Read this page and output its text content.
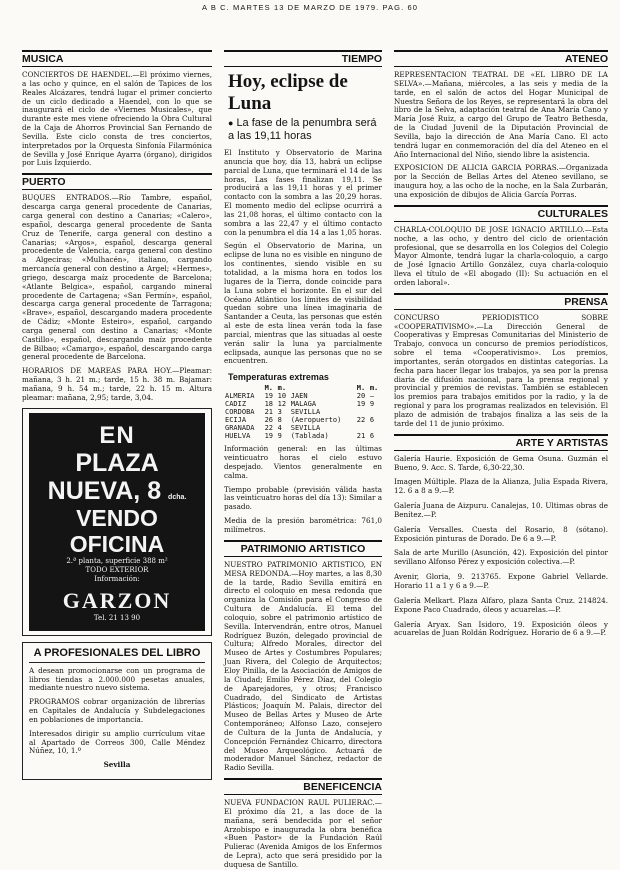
A B C. MARTES 13 DE MARZO DE 1979. PAG. 60
MUSICA

CONCIERTOS DE HAENDEL.—El próximo viernes, a las ocho y quince, en el salón de Tapices de los Reales Alcázares, tendrá lugar el primer concierto de un ciclo dedicado a Haendel, con lo que se inaugurará el ciclo de «Viernes Musicales», que durante este mes viene ofreciendo la Obra Cultural de la Caja de Ahorros Provincial San Fernando de Sevilla. Este ciclo consta de tres conciertos, interpretados por la Orquesta Sinfonía Filarmónica de Sevilla y José Enrique Ayarra (órgano), dirigidos por Luis Izquierdo.

PUERTO

BUQUES ENTRADOS.—Río Tambre, español, descarga carga general procedente de Canarias, carga general con destino a Canarias; «Calero», español, descarga general procedente de Santa Cruz de Tenerife, carga general con destino a Canarias; «Argos», español, descarga general procedente de Valencia, carga general con destino a Algeciras; «Mulhacén», italiano, cargando mercancía general con destino a Argel; «Hermes», griego, descarga maíz procedente de Barcelona; «Atlante Belgica», español, cargando mineral procedente de Cartagena; «San Fermín», español, descarga carga general procedente de Tarragona; «Brave», español, descargando madera procedente de Cádiz; «Monte Esteiro», español, cargando carga general con destino a Canarias; «Monte Castillo», español, descargando maíz procedente de Bilbao; «Camargo», español, descargando carga general procedente de Barcelona.

HORARIOS DE MAREAS PARA HOY.—Pleamar: mañana, 3 h. 21 m.; tarde, 15 h. 38 m. Bajamar: mañana, 9 h. 54 m.; tarde, 22 h. 15 m. Altura pleamar: mañana, 2,95; tarde, 3,04.

EN
PLAZA NUEVA, 8 dcha.
VENDO OFICINA
2.ª planta, superficie 388 m²
TODO EXTERIOR
Información:
GARZON
Tel. 21 13 90
A PROFESIONALES DEL LIBRO

A desean promocionarse con un programa de libros tiendas a 2.000.000 pesetas anuales, mediante nuestro nuevo sistema.

PROGRAMOS cobrar organización de librerías en Capitales de Andalucía y Subdelegaciones en poblaciones de importancia.

Interesados dirigir su amplio currículum vitae al Apartado de Correos 300, Calle Méndez Núñez, 10, 1.º

Sevilla
TIEMPO
Hoy, eclipse de Luna
● La fase de la penumbra será a las 19,11 horas

El Instituto y Observatorio de Marina anuncia que hoy, día 13, habrá un eclipse parcial de Luna, que terminará el 14 de las horas, Las fases finalizan 19,11. Se producirá a las 19,11 horas y el primer contacto con la sombra a las 20,29 horas. El momento medio del eclipse ocurrirá a las 21,08 horas, el último contacto con la sombra a las 22,47 y el último contacto con la penumbra el día 14 a las 1,05 horas.

Según el Observatorio de Marina, un eclipse de luna no es visible en ninguno de los continentes, siendo visible en su totalidad, a la misma hora en todos los lugares de la Tierra, donde coincide para la Luna sobre el horizonte. En el sur del Océano Atlántico los límites de visibilidad quedan sobre una línea imaginaria de Santander a Ceuta, las personas que estén al este de esta línea verán toda la fase parcial, mientras que las situadas al oeste verán salir la luna ya parcialmente eclipsada, aunque las personas que no se encuentren.

Temperaturas extremas
	M.	m.		M.	m.
ALMERIA	19	10	JAEN	20	—
CADIZ	18	12	MALAGA	19	9
CORDOBA	21	3	SEVILLA		
ECIJA	26	8	(Aeropuerto)	22	6
GRANADA	22	4	SEVILLA		
HUELVA	19	9	(Tablada)	21	6

Información general: en las últimas veinticuatro horas el cielo estuvo despejado. Vientos generalmente en calma.

Tiempo probable (previsión válida hasta las veinticuatro horas del día 13): Similar a pasado.

Media de la presión barométrica: 761,0 milímetros.

PATRIMONIO ARTISTICO

NUESTRO PATRIMONIO ARTISTICO, EN MESA REDONDA.—Hoy martes, a las 8,30 de la tarde, Radio Sevilla emitirá en directo el coloquio en mesa redonda que organiza la Comisión para el Congreso de Cultura de Andalucía. El tema del coloquio, sobre el patrimonio artístico de Sevilla. Intervendrán, entre otros, Manuel Rodríguez Buzón, delegado provincial de Cultura; Alfredo Morales, director del Museo de Artes y Costumbres Populares; Juan Rivera, del Colegio de Arquitectos; Eloy Pinilla, de la Asociación de Amigos de la Ciudad; Emilio Pérez Díaz, del Colegio de Aparejadores, y otros; Francisco Cuadrado, del Sindicato de Artistas Plásticos; Joaquín M. Palais, director del Museo de Bellas Artes y Museo de Arte Contemporáneo; Alfonso Lazo, consejero de Cultura de la Junta de Andalucía, y Concepción Fernández Chicarro, directora del Museo Arqueológico. Actuará de moderador Manuel Sánchez, redactor de Radio Sevilla.

BENEFICENCIA

NUEVA FUNDACION RAUL PULIERAC.—El próximo día 21, a las doce de la mañana, será bendecida por el señor Arzobispo e inaugurada la obra benéfica «Buen Pastor» de la Fundación Raúl Pulierac (Avenida Amigos de los Enfermos de Lepra), acto que será presidido por la duquesa de Santillo.

ATENEO

REPRESENTACION TEATRAL DE «EL LIBRO DE LA SELVA».—Mañana, miércoles, a las seis y media de la tarde, en el salón de actos del Hogar Municipal de Nuestra Señora de los Reyes, se representará la obra del libro de la Selva, adaptación teatral de Ana María Cano y María José Ruiz, a cargo del Grupo de Teatro Bethesda, de la Ciudad Juvenil de la Diputación Provincial de Sevilla, bajo la dirección de Ana María Cano. El acto tendrá lugar en conmemoración del día del Ateneo en el Año Internacional del Niño, siendo libre la asistencia.

EXPOSICION DE ALICIA GARCIA PORRAS.—Organizada por la Sección de Bellas Artes del Ateneo sevillano, se inaugura hoy, a las ocho de la noche, en la Sala Zurbarán, una exposición de dibujos de Alicia García Porras.

CULTURALES

CHARLA-COLOQUIO DE JOSE IGNACIO ARTILLO.—Esta noche, a las ocho, y dentro del ciclo de orientación profesional, que se desarrolla en los Colegios del Colegio Mayor Almonte, tendrá lugar la charla-coloquio, a cargo de José Ignacio Artillo González, cuya charla-coloquio lleva el título de «El abogado (II): Su actuación en el orden laboral».

PRENSA

CONCURSO PERIODISTICO SOBRE «COOPERATIVISMO».—La Dirección General de Cooperativas y Empresas Comunitarias del Ministerio de Trabajo, convoca un concurso de premios periodísticos, sobre el tema «Cooperativismo». Los premios, importantes, serán otorgados en distintas categorías. La fecha para hacer llegar los trabajos, ya sea por la prensa diaria de difusión nacional, para la prensa regional y provincial y premios de revistas. También se establecen los premios para trabajos emitidos por la radio, y la de regional y para los programas realizados en televisión. El plazo de admisión de trabajos finaliza a las seis de la tarde del 11 de junio próximo.

ARTE Y ARTISTAS

Galería Haurie. Exposición de Gema Osuna. Guzmán el Bueno, 9. Acc. S. Tarde, 6,30-22,30.

Imagen Múltiple. Plaza de la Alianza, Julia Espada Rivera, 12. 6 a 8 a 9.—P.

Galería Juana de Aizpuru. Canalejas, 10. Ultimas obras de Benítez.—P.

Galería Versalles. Cuesta del Rosario, 8 (sótano). Exposición pinturas de Dorado. De 6 a 9.—P.

Sala de arte Murillo (Asunción, 42). Exposición del pintor sevillano Alfonso Pérez y exposición colectiva.—P.

Avenir, Gloria, 9. 213765. Expone Gabriel Vellarde. Horario 11 a 1 y 6 a 9.—P.

Galería Melkart. Plaza Alfaro, plaza Santa Cruz. 214824. Expone Paco Cuadrado, óleos y acuarelas.—P.

Galería Aryax. San Isidoro, 19. Exposición óleos y acuarelas de Juan Roldán Rodríguez. Horario de 6 a 9.—P.
